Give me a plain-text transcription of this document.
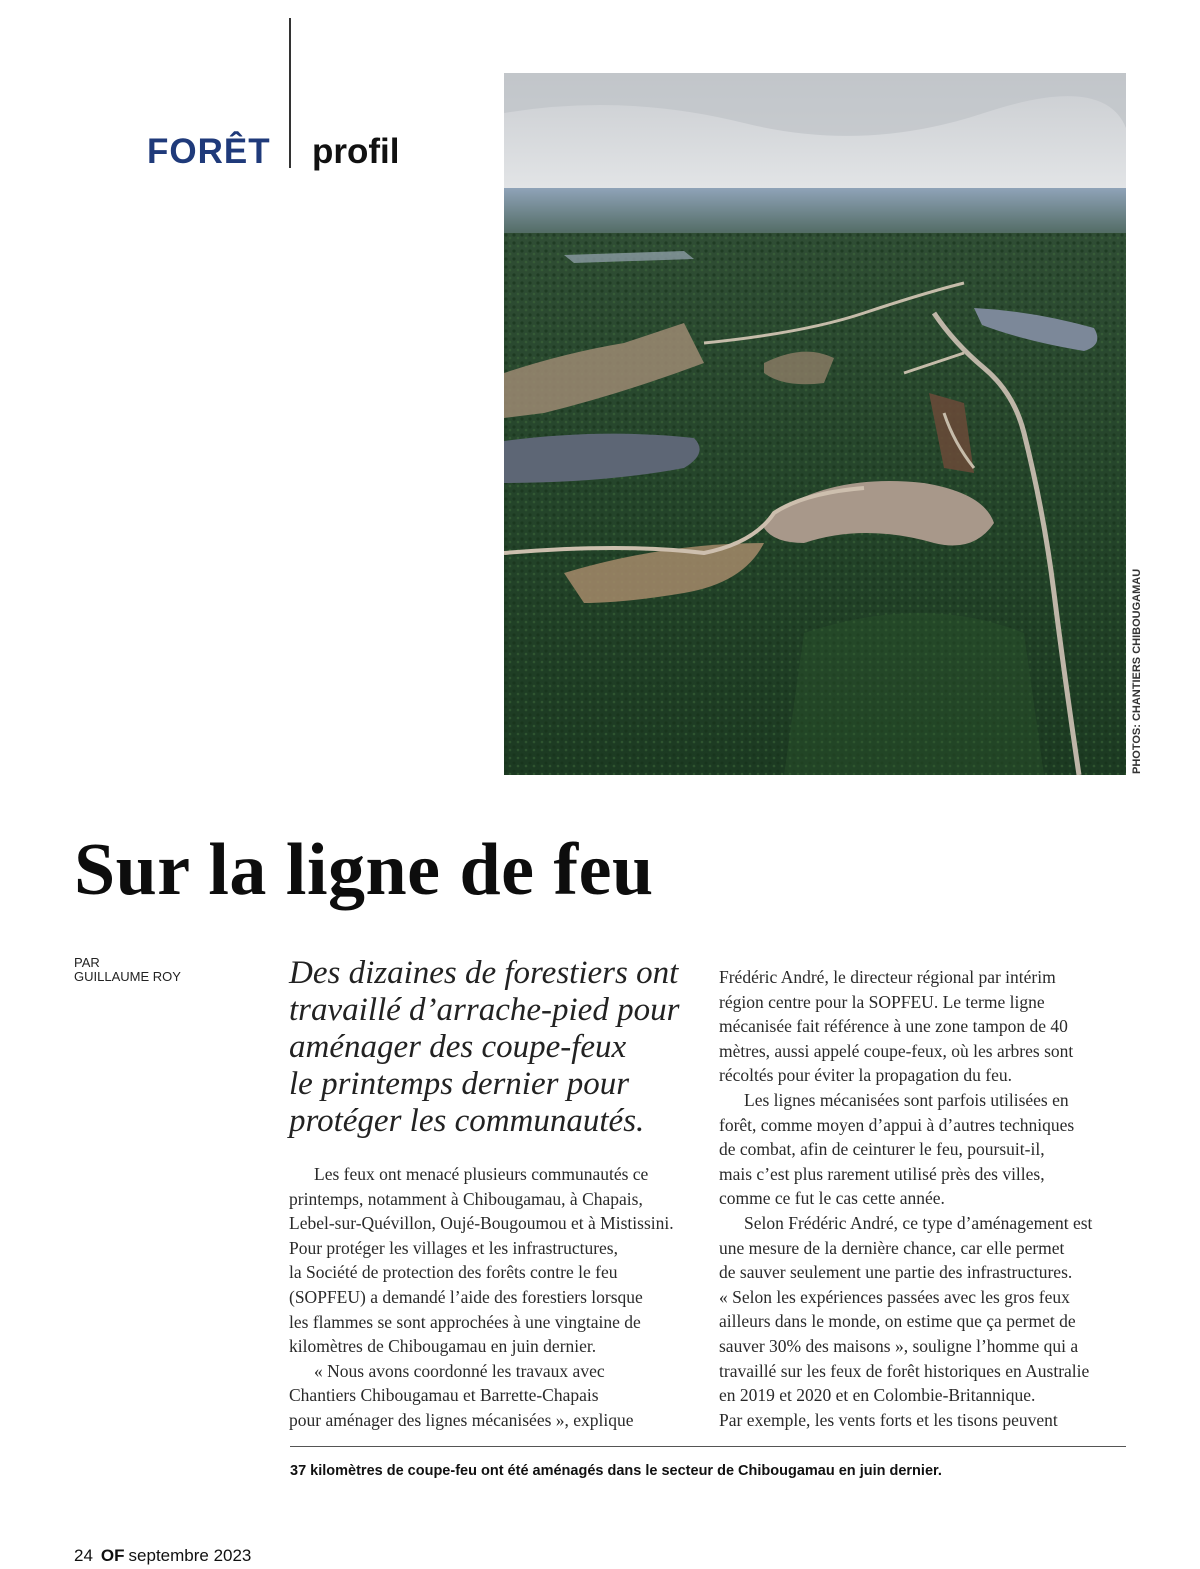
FORÊT profil
PHOTOS: CHANTIERS CHIBOUGAMAU
Sur la ligne de feu
PAR
GUILLAUME ROY	Des dizaines de forestiers ont
travaillé d’arrache-pied pour
aménager des coupe-feux
le printemps dernier pour
protéger les communautés.
Les feux ont menacé plusieurs communautés ce
printemps, notamment à Chibougamau, à Chapais,
Lebel-sur-Quévillon, Oujé-Bougoumou et à Mistissini.
Pour protéger les villages et les infrastructures,
la Société de protection des forêts contre le feu
(SOPFEU) a demandé l’aide des forestiers lorsque
les flammes se sont approchées à une vingtaine de
kilomètres de Chibougamau en juin dernier.
« Nous avons coordonné les travaux avec
Chantiers Chibougamau et Barrette-Chapais
pour aménager des lignes mécanisées », explique
Frédéric André, le directeur régional par intérim
région centre pour la SOPFEU. Le terme ligne
mécanisée fait référence à une zone tampon de 40
mètres, aussi appelé coupe-feux, où les arbres sont
récoltés pour éviter la propagation du feu.
Les lignes mécanisées sont parfois utilisées en
forêt, comme moyen d’appui à d’autres techniques
de combat, afin de ceinturer le feu, poursuit-il,
mais c’est plus rarement utilisé près des villes,
comme ce fut le cas cette année.
Selon Frédéric André, ce type d’aménagement est
une mesure de la dernière chance, car elle permet
de sauver seulement une partie des infrastructures.
« Selon les expériences passées avec les gros feux
ailleurs dans le monde, on estime que ça permet de
sauver 30% des maisons », souligne l’homme qui a
travaillé sur les feux de forêt historiques en Australie
en 2019 et 2020 et en Colombie-Britannique.
Par exemple, les vents forts et les tisons peuvent
37 kilomètres de coupe-feu ont été aménagés dans le secteur de Chibougamau en juin dernier.
24 OF septembre 2023
